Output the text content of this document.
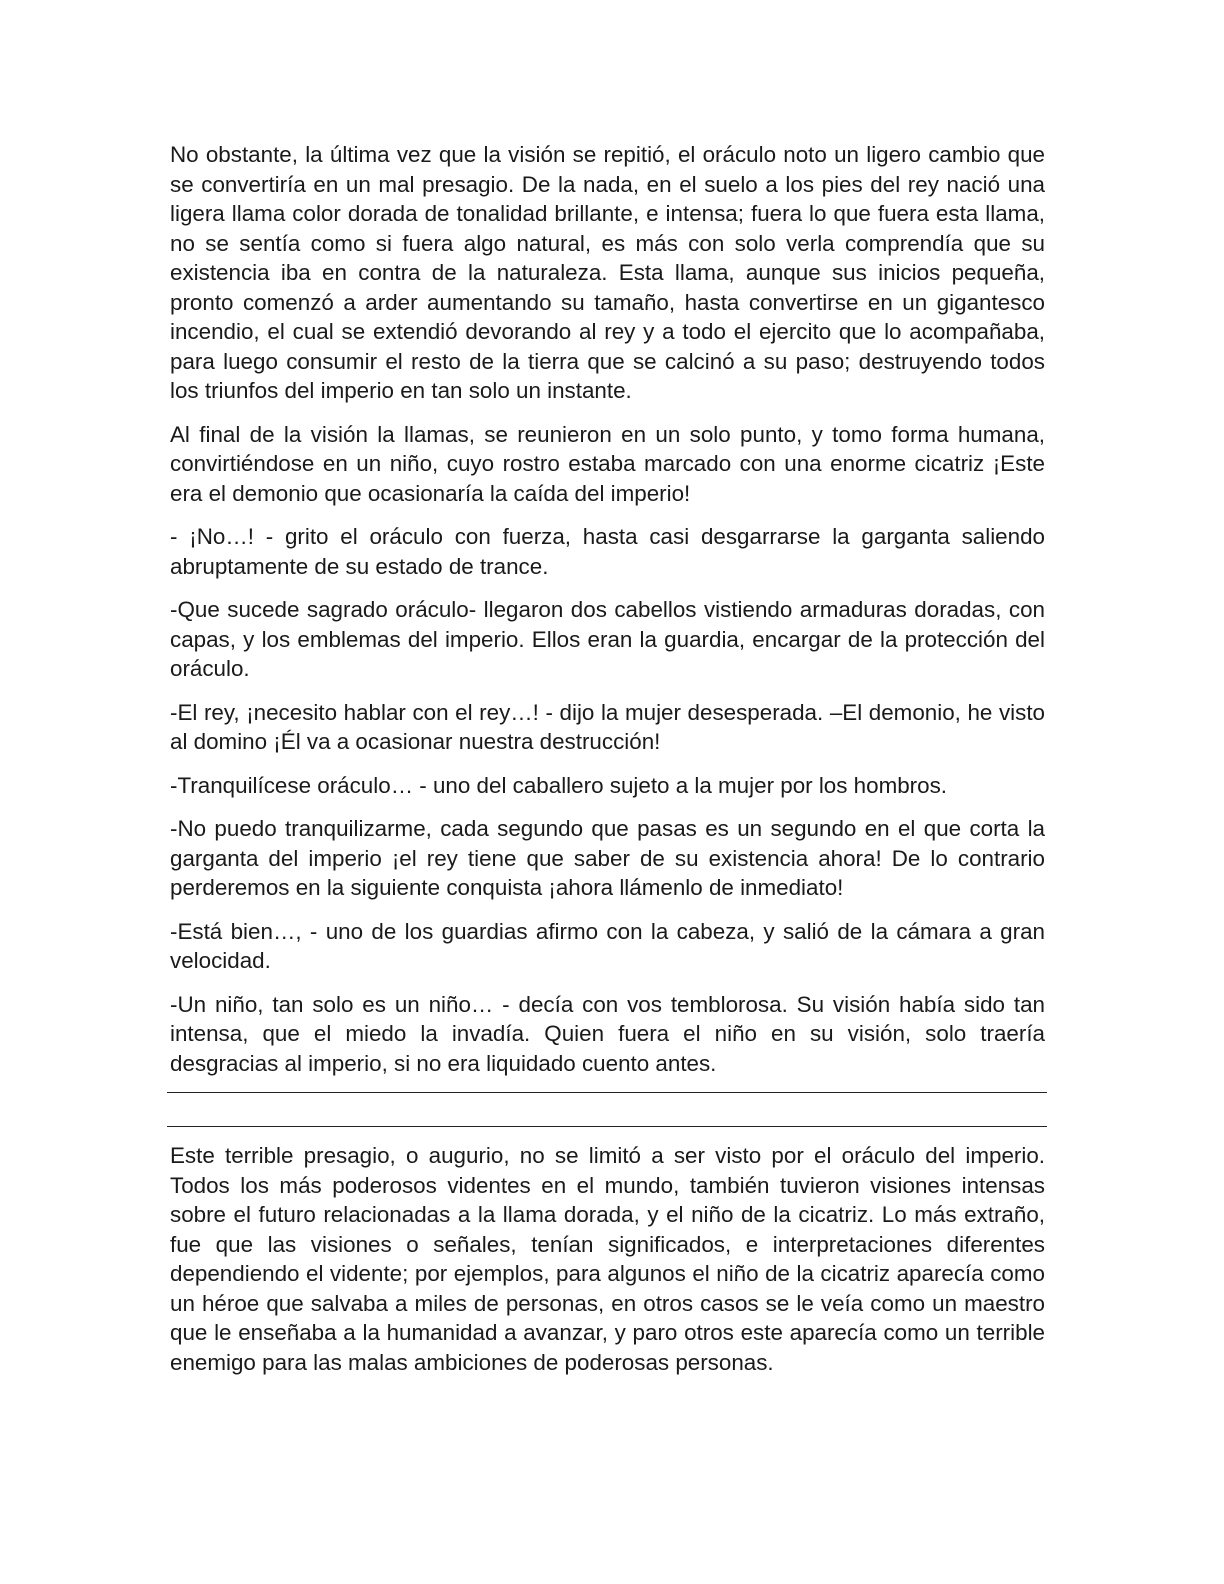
No obstante, la última vez que la visión se repitió, el oráculo noto un ligero cambio que se convertiría en un mal presagio. De la nada, en el suelo a los pies del rey nació una ligera llama color dorada de tonalidad brillante, e intensa; fuera lo que fuera esta llama, no se sentía como si fuera algo natural, es más con solo verla comprendía que su existencia iba en contra de la naturaleza. Esta llama, aunque sus inicios pequeña, pronto comenzó a arder aumentando su tamaño, hasta convertirse en un gigantesco incendio, el cual se extendió devorando al rey y a todo el ejercito que lo acompañaba, para luego consumir el resto de la tierra que se calcinó a su paso; destruyendo todos los triunfos del imperio en tan solo un instante.

Al final de la visión la llamas, se reunieron en un solo punto, y tomo forma humana, convirtiéndose en un niño, cuyo rostro estaba marcado con una enorme cicatriz ¡Este era el demonio que ocasionaría la caída del imperio!

- ¡No…! - grito el oráculo con fuerza, hasta casi desgarrarse la garganta saliendo abruptamente de su estado de trance.

-Que sucede sagrado oráculo- llegaron dos cabellos vistiendo armaduras doradas, con capas, y los emblemas del imperio. Ellos eran la guardia, encargar de la protección del oráculo.

-El rey, ¡necesito hablar con el rey…! - dijo la mujer desesperada. –El demonio, he visto al domino ¡Él va a ocasionar nuestra destrucción!

-Tranquilícese oráculo… - uno del caballero sujeto a la mujer por los hombros.

-No puedo tranquilizarme, cada segundo que pasas es un segundo en el que corta la garganta del imperio ¡el rey tiene que saber de su existencia ahora! De lo contrario perderemos en la siguiente conquista ¡ahora llámenlo de inmediato!

-Está bien…, - uno de los guardias afirmo con la cabeza, y salió de la cámara a gran velocidad.

-Un niño, tan solo es un niño… - decía con vos temblorosa. Su visión había sido tan intensa, que el miedo la invadía. Quien fuera el niño en su visión, solo traería desgracias al imperio, si no era liquidado cuento antes.

Este terrible presagio, o augurio, no se limitó a ser visto por el oráculo del imperio. Todos los más poderosos videntes en el mundo, también tuvieron visiones intensas sobre el futuro relacionadas a la llama dorada, y el niño de la cicatriz. Lo más extraño, fue que las visiones o señales, tenían significados, e interpretaciones diferentes dependiendo el vidente; por ejemplos, para algunos el niño de la cicatriz aparecía como un héroe que salvaba a miles de personas, en otros casos se le veía como un maestro que le enseñaba a la humanidad a avanzar, y paro otros este aparecía como un terrible enemigo para las malas ambiciones de poderosas personas.
